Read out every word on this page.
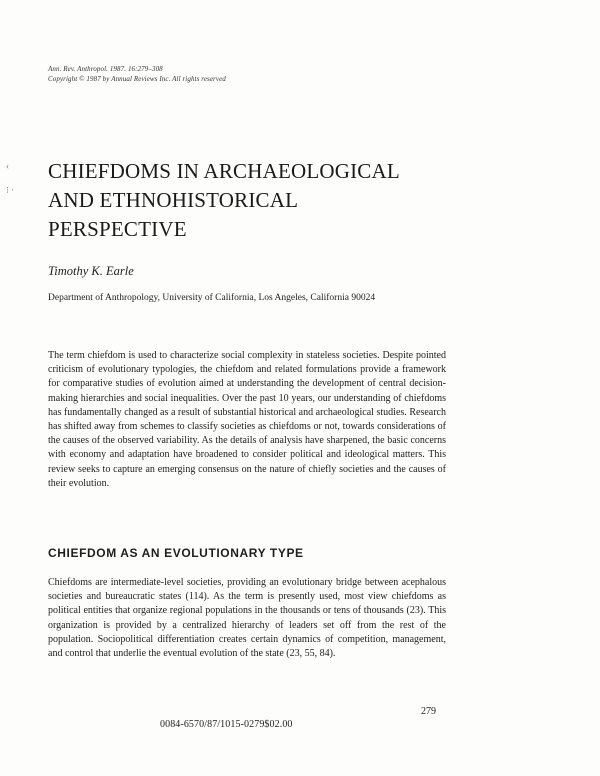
Ann. Rev. Anthropol. 1987. 16:279–308
Copyright © 1987 by Annual Reviews Inc. All rights reserved
‹

⁝ ·
CHIEFDOMS IN ARCHAEOLOGICAL
AND ETHNOHISTORICAL
PERSPECTIVE
Timothy K. Earle
Department of Anthropology, University of California, Los Angeles, California 90024

The term chiefdom is used to characterize social complexity in stateless societies. Despite pointed criticism of evolutionary typologies, the chiefdom and related formulations provide a framework for comparative studies of evolution aimed at understanding the development of central decision-making hierarchies and social inequalities. Over the past 10 years, our understanding of chiefdoms has fundamentally changed as a result of substantial historical and archaeological studies. Research has shifted away from schemes to classify societies as chiefdoms or not, towards considerations of the causes of the observed variability. As the details of analysis have sharpened, the basic concerns with economy and adaptation have broadened to consider political and ideological matters. This review seeks to capture an emerging consensus on the nature of chiefly societies and the causes of their evolution.

CHIEFDOM AS AN EVOLUTIONARY TYPE

Chiefdoms are intermediate-level societies, providing an evolutionary bridge between acephalous societies and bureaucratic states (114). As the term is presently used, most view chiefdoms as political entities that organize regional populations in the thousands or tens of thousands (23). This organization is provided by a centralized hierarchy of leaders set off from the rest of the population. Sociopolitical differentiation creates certain dynamics of competition, management, and control that underlie the eventual evolution of the state (23, 55, 84).

279
0084-6570/87/1015-0279$02.00
